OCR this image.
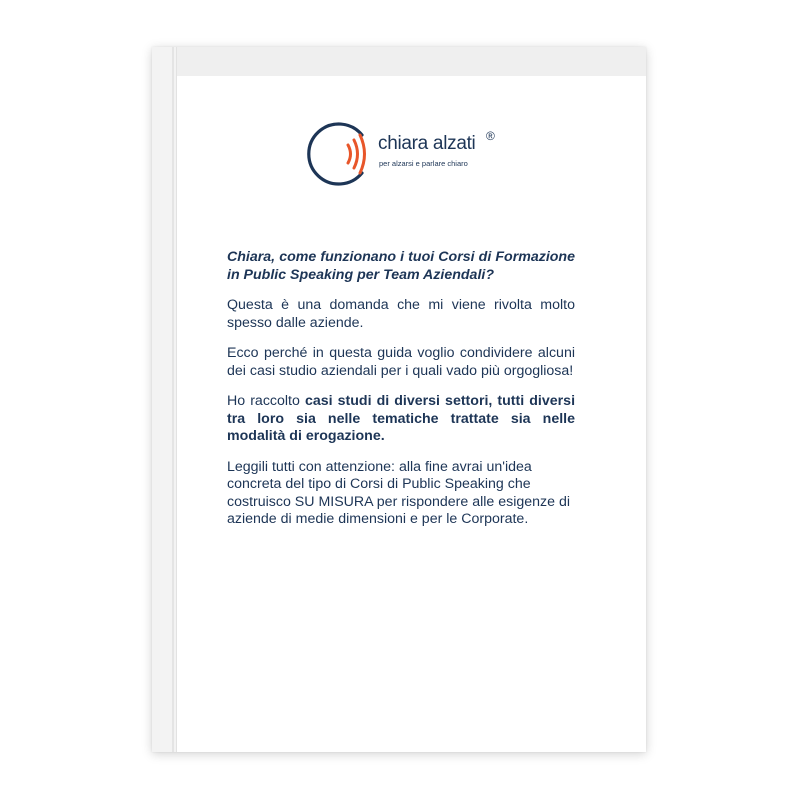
chiara alzati ®
per alzarsi e parlare chiaro

Chiara, come funzionano i tuoi Corsi di Formazione in Public Speaking per Team Aziendali?

Questa è una domanda che mi viene rivolta molto spesso dalle aziende.

Ecco perché in questa guida voglio condividere alcuni dei casi studio aziendali per i quali vado più orgogliosa!

Ho raccolto casi studi di diversi settori, tutti diversi tra loro sia nelle tematiche trattate sia nelle modalità di erogazione.

Leggili tutti con attenzione: alla fine avrai un'idea concreta del tipo di Corsi di Public Speaking che costruisco SU MISURA per rispondere alle esigenze di aziende di medie dimensioni e per le Corporate.
